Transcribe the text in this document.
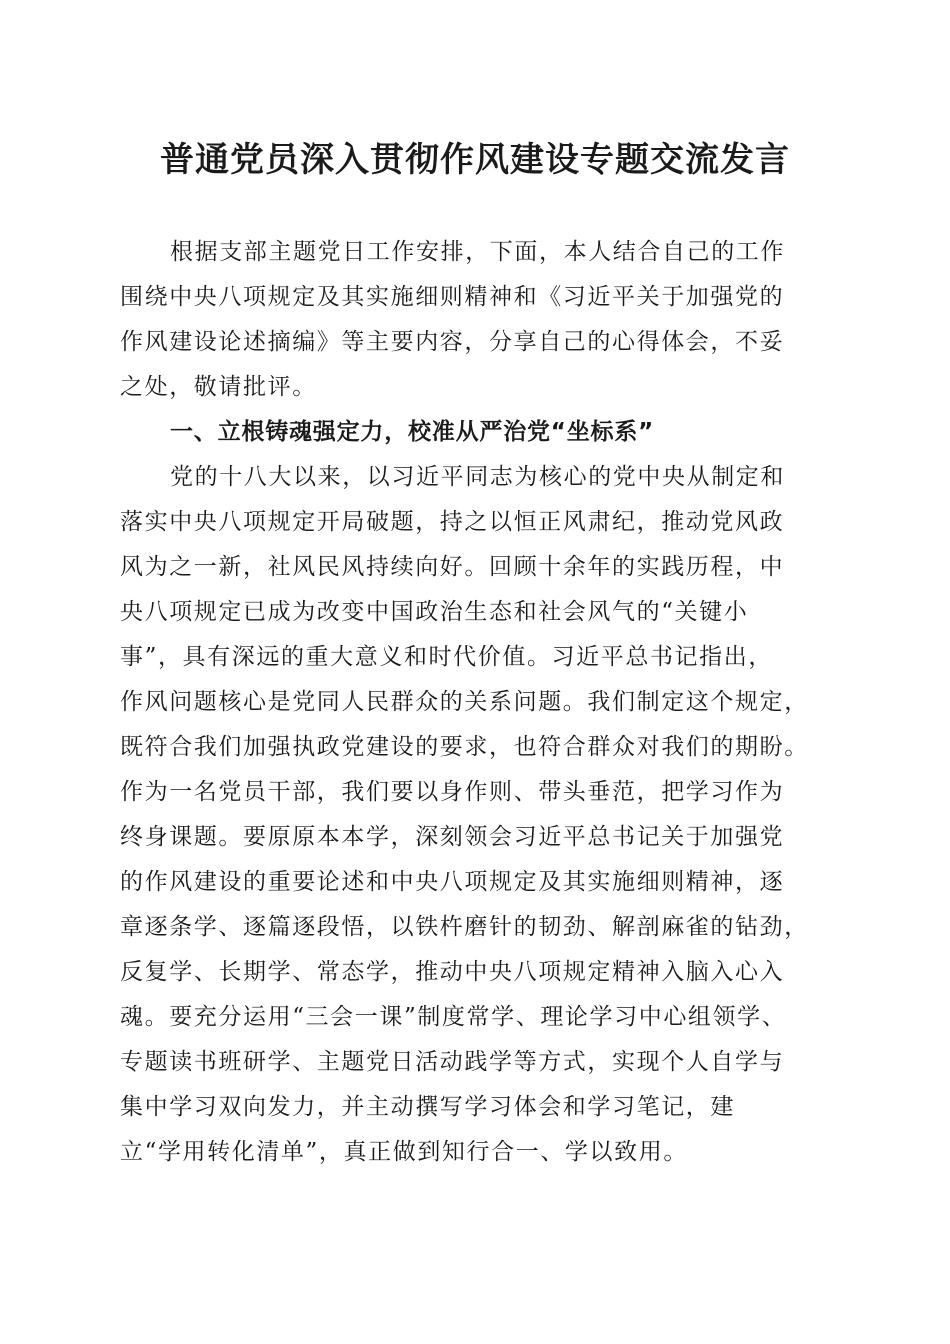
普通党员深入贯彻作风建设专题交流发言
根据支部主题党日工作安排，下面，本人结合自己的工作
围绕中央八项规定及其实施细则精神和《习近平关于加强党的
作风建设论述摘编》等主要内容，分享自己的心得体会，不妥
之处，敬请批评。
一、立根铸魂强定力，校准从严治党“坐标系”
党的十八大以来，以习近平同志为核心的党中央从制定和
落实中央八项规定开局破题，持之以恒正风肃纪，推动党风政
风为之一新，社风民风持续向好。回顾十余年的实践历程，中
央八项规定已成为改变中国政治生态和社会风气的“关键小
事”，具有深远的重大意义和时代价值。习近平总书记指出，
作风问题核心是党同人民群众的关系问题。我们制定这个规定，
既符合我们加强执政党建设的要求，也符合群众对我们的期盼。
作为一名党员干部，我们要以身作则、带头垂范，把学习作为
终身课题。要原原本本学，深刻领会习近平总书记关于加强党
的作风建设的重要论述和中央八项规定及其实施细则精神，逐
章逐条学、逐篇逐段悟，以铁杵磨针的韧劲、解剖麻雀的钻劲，
反复学、长期学、常态学，推动中央八项规定精神入脑入心入
魂。要充分运用“三会一课”制度常学、理论学习中心组领学、
专题读书班研学、主题党日活动践学等方式，实现个人自学与
集中学习双向发力，并主动撰写学习体会和学习笔记，建
立“学用转化清单”，真正做到知行合一、学以致用。
